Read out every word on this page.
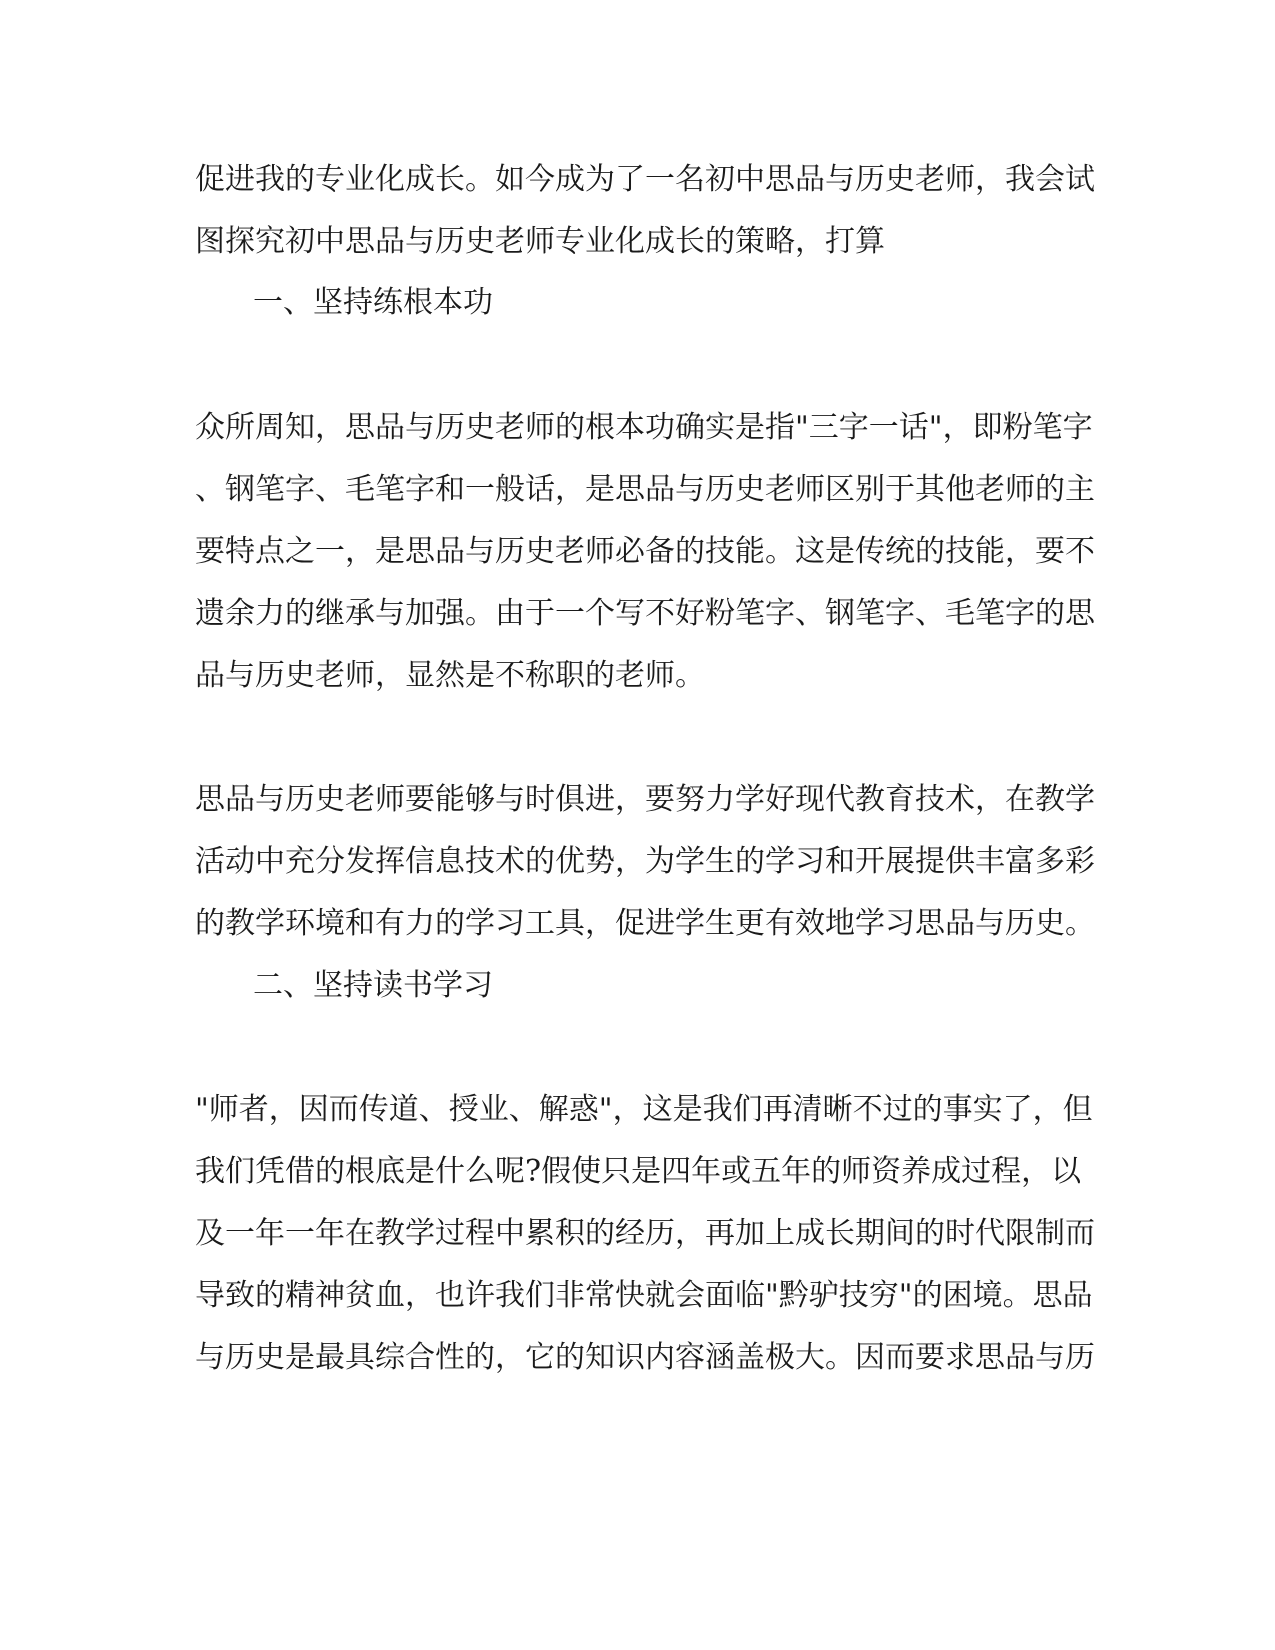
促进我的专业化成长。如今成为了一名初中思品与历史老师，我会试
图探究初中思品与历史老师专业化成长的策略，打算
一、坚持练根本功
众所周知，思品与历史老师的根本功确实是指"三字一话"，即粉笔字
、钢笔字、毛笔字和一般话，是思品与历史老师区别于其他老师的主
要特点之一，是思品与历史老师必备的技能。这是传统的技能，要不
遗余力的继承与加强。由于一个写不好粉笔字、钢笔字、毛笔字的思
品与历史老师，显然是不称职的老师。
思品与历史老师要能够与时俱进，要努力学好现代教育技术，在教学
活动中充分发挥信息技术的优势，为学生的学习和开展提供丰富多彩
的教学环境和有力的学习工具，促进学生更有效地学习思品与历史。
二、坚持读书学习
"师者，因而传道、授业、解惑"，这是我们再清晰不过的事实了，但
我们凭借的根底是什么呢?假使只是四年或五年的师资养成过程，以
及一年一年在教学过程中累积的经历，再加上成长期间的时代限制而
导致的精神贫血，也许我们非常快就会面临"黔驴技穷"的困境。思品
与历史是最具综合性的，它的知识内容涵盖极大。因而要求思品与历
